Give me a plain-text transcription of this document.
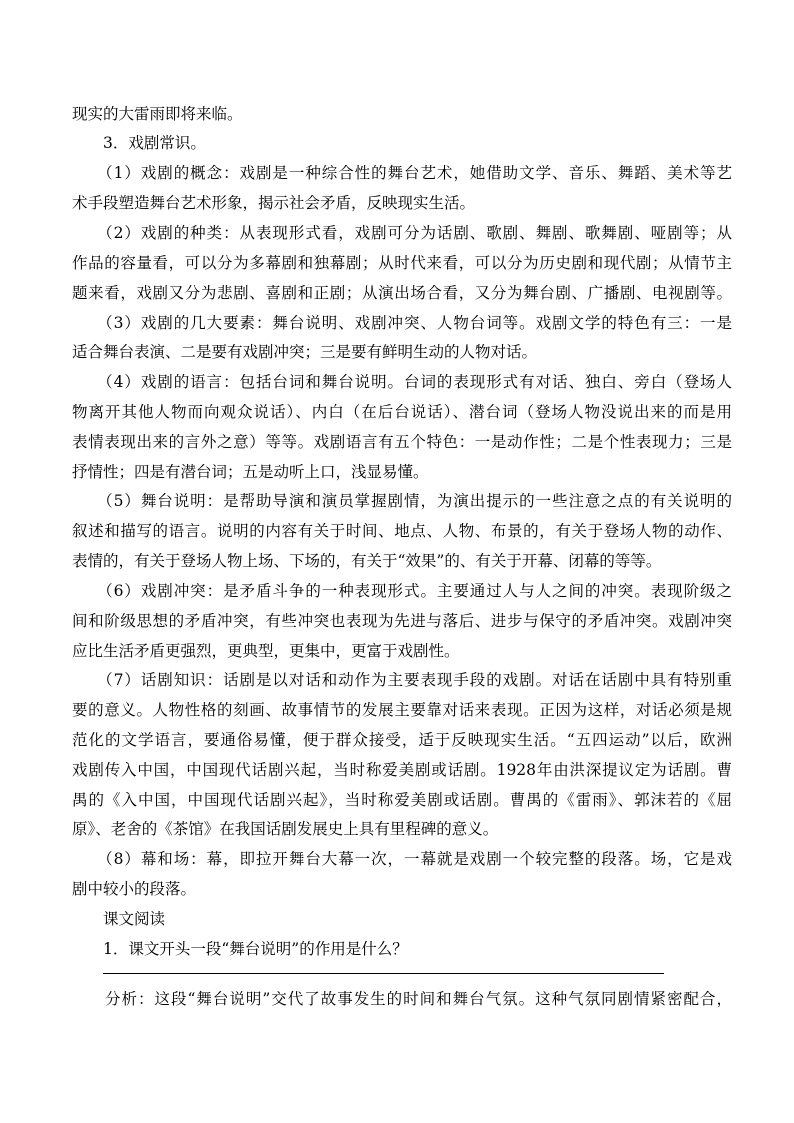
现实的大雷雨即将来临。
　　3．戏剧常识。
　　（1）戏剧的概念：戏剧是一种综合性的舞台艺术，她借助文学、音乐、舞蹈、美术等艺
术手段塑造舞台艺术形象，揭示社会矛盾，反映现实生活。
　　（2）戏剧的种类：从表现形式看，戏剧可分为话剧、歌剧、舞剧、歌舞剧、哑剧等；从
作品的容量看，可以分为多幕剧和独幕剧；从时代来看，可以分为历史剧和现代剧；从情节主
题来看，戏剧又分为悲剧、喜剧和正剧；从演出场合看，又分为舞台剧、广播剧、电视剧等。
　　（3）戏剧的几大要素：舞台说明、戏剧冲突、人物台词等。戏剧文学的特色有三：一是
适合舞台表演、二是要有戏剧冲突；三是要有鲜明生动的人物对话。
　　（4）戏剧的语言：包括台词和舞台说明。台词的表现形式有对话、独白、旁白（登场人
物离开其他人物而向观众说话）、内白（在后台说话）、潜台词（登场人物没说出来的而是用
表情表现出来的言外之意）等等。戏剧语言有五个特色：一是动作性；二是个性表现力；三是
抒情性；四是有潜台词；五是动听上口，浅显易懂。
　　（5）舞台说明：是帮助导演和演员掌握剧情，为演出提示的一些注意之点的有关说明的
叙述和描写的语言。说明的内容有关于时间、地点、人物、布景的，有关于登场人物的动作、
表情的，有关于登场人物上场、下场的，有关于“效果”的、有关于开幕、闭幕的等等。
　　（6）戏剧冲突：是矛盾斗争的一种表现形式。主要通过人与人之间的冲突。表现阶级之
间和阶级思想的矛盾冲突，有些冲突也表现为先进与落后、进步与保守的矛盾冲突。戏剧冲突
应比生活矛盾更强烈，更典型，更集中，更富于戏剧性。
　　（7）话剧知识：话剧是以对话和动作为主要表现手段的戏剧。对话在话剧中具有特别重
要的意义。人物性格的刻画、故事情节的发展主要靠对话来表现。正因为这样，对话必须是规
范化的文学语言，要通俗易懂，便于群众接受，适于反映现实生活。“五四运动”以后，欧洲
戏剧传入中国，中国现代话剧兴起，当时称爱美剧或话剧。1928年由洪深提议定为话剧。曹
禺的《入中国，中国现代话剧兴起》，当时称爱美剧或话剧。曹禺的《雷雨》、郭沫若的《屈
原》、老舍的《茶馆》在我国话剧发展史上具有里程碑的意义。
　　（8）幕和场：幕，即拉开舞台大幕一次，一幕就是戏剧一个较完整的段落。场，它是戏
剧中较小的段落。
　　课文阅读
　　1．课文开头一段“舞台说明”的作用是什么？
　　分析：这段“舞台说明”交代了故事发生的时间和舞台气氛。这种气氛同剧情紧密配合，
